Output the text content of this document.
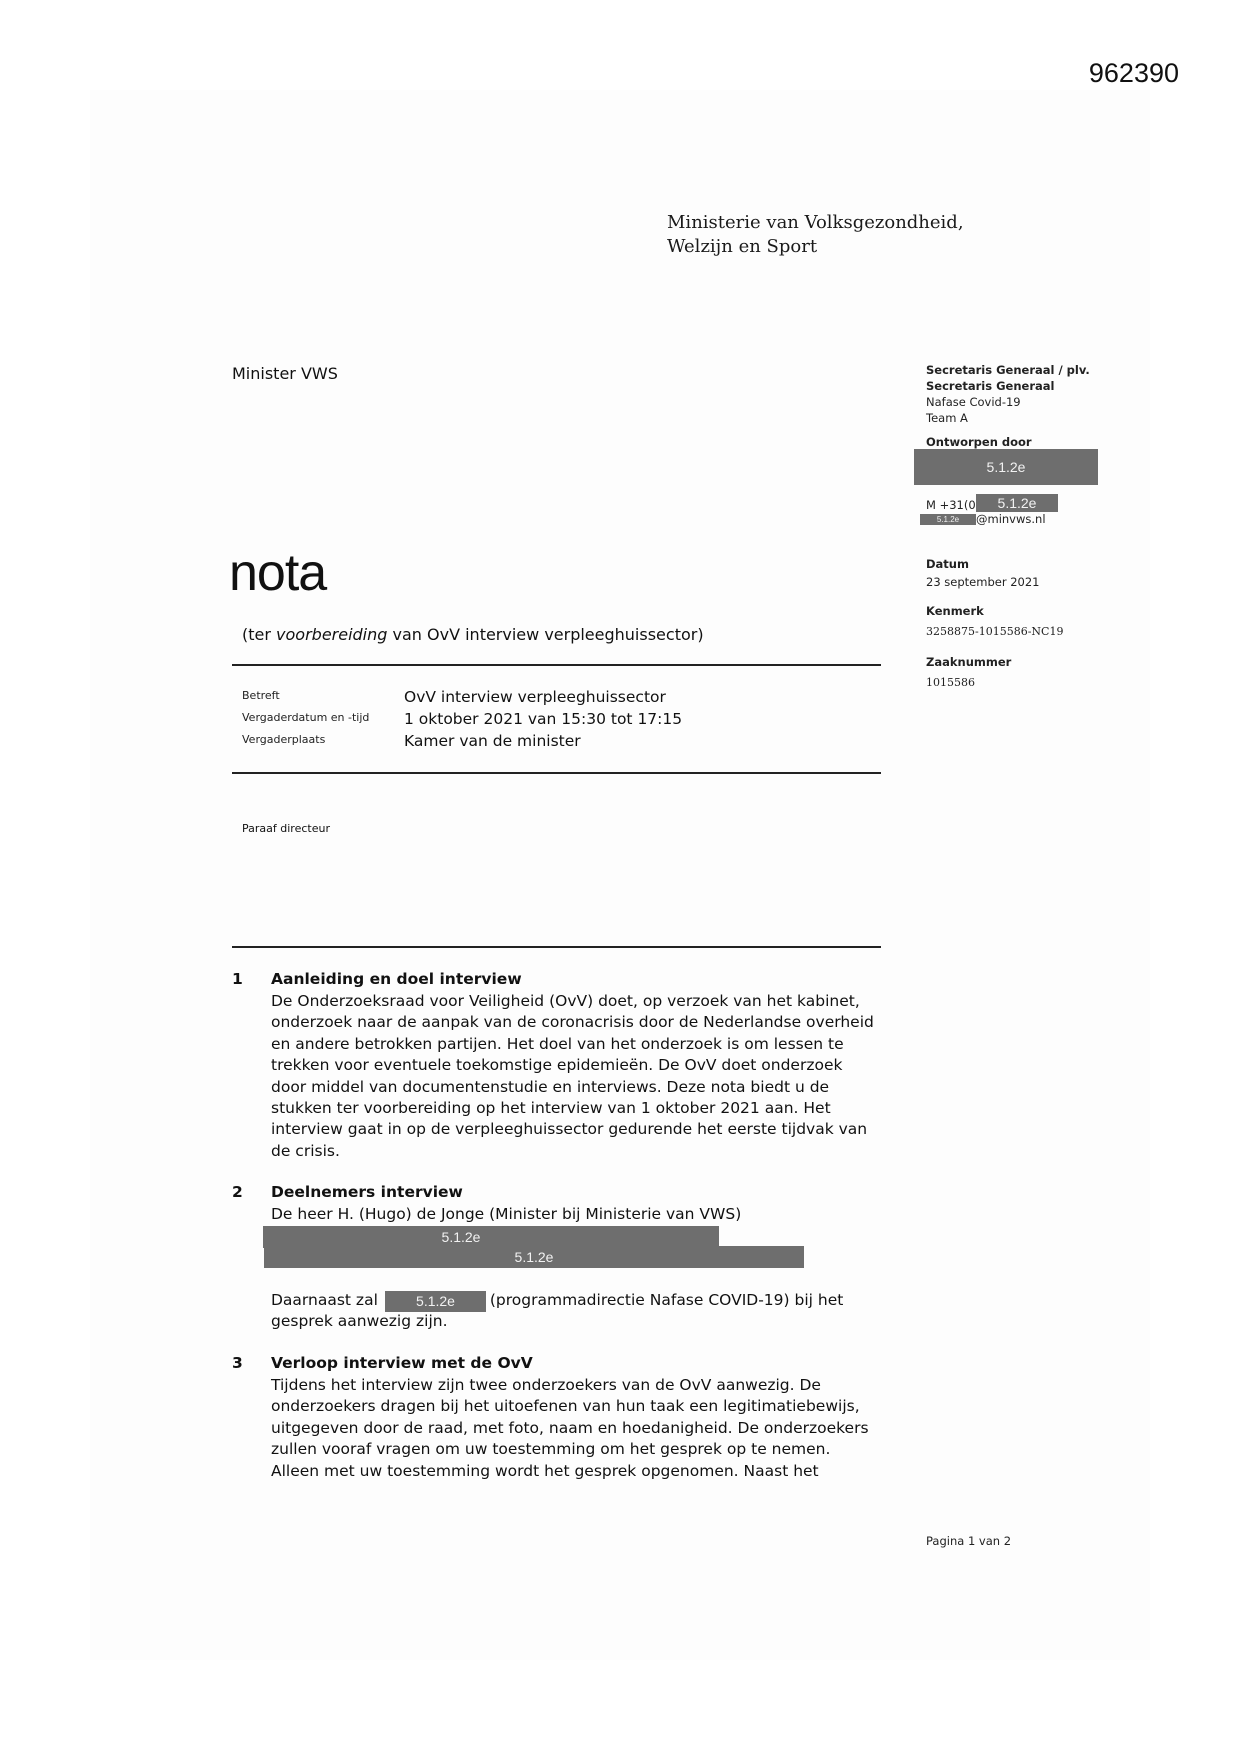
962390
Ministerie van Volksgezondheid,
Welzijn en Sport
Minister VWS
nota
(ter voorbereiding van OvV interview verpleeghuissector)
Betreft	OvV interview verpleeghuissector
Vergaderdatum en -tijd 1 oktober 2021 van 15:30 tot 17:15
Vergaderplaats	Kamer van de minister
Paraaf directeur
Secretaris Generaal / plv.
Secretaris Generaal
Nafase Covid-19
Team A
Ontworpen door
5.1.2e
M +31(0	5.1.2e
5.1.2e	@minvws.nl
Datum
23 september 2021
Kenmerk
3258875-1015586-NC19
Zaaknummer
1015586
1 Aanleiding en doel interview
De Onderzoeksraad voor Veiligheid (OvV) doet, op verzoek van het kabinet,
onderzoek naar de aanpak van de coronacrisis door de Nederlandse overheid
en andere betrokken partijen. Het doel van het onderzoek is om lessen te
trekken voor eventuele toekomstige epidemieën. De OvV doet onderzoek
door middel van documentenstudie en interviews. Deze nota biedt u de
stukken ter voorbereiding op het interview van 1 oktober 2021 aan. Het
interview gaat in op de verpleeghuissector gedurende het eerste tijdvak van
de crisis.
2 Deelnemers interview
De heer H. (Hugo) de Jonge (Minister bij Ministerie van VWS)
5.1.2e
5.1.2e
Daarnaast zal	(programmadirectie Nafase COVID-19) bij het
gesprek aanwezig zijn.
5.1.2e
3 Verloop interview met de OvV
Tijdens het interview zijn twee onderzoekers van de OvV aanwezig. De
onderzoekers dragen bij het uitoefenen van hun taak een legitimatiebewijs,
uitgegeven door de raad, met foto, naam en hoedanigheid. De onderzoekers
zullen vooraf vragen om uw toestemming om het gesprek op te nemen.
Alleen met uw toestemming wordt het gesprek opgenomen. Naast het
Pagina 1 van 2
